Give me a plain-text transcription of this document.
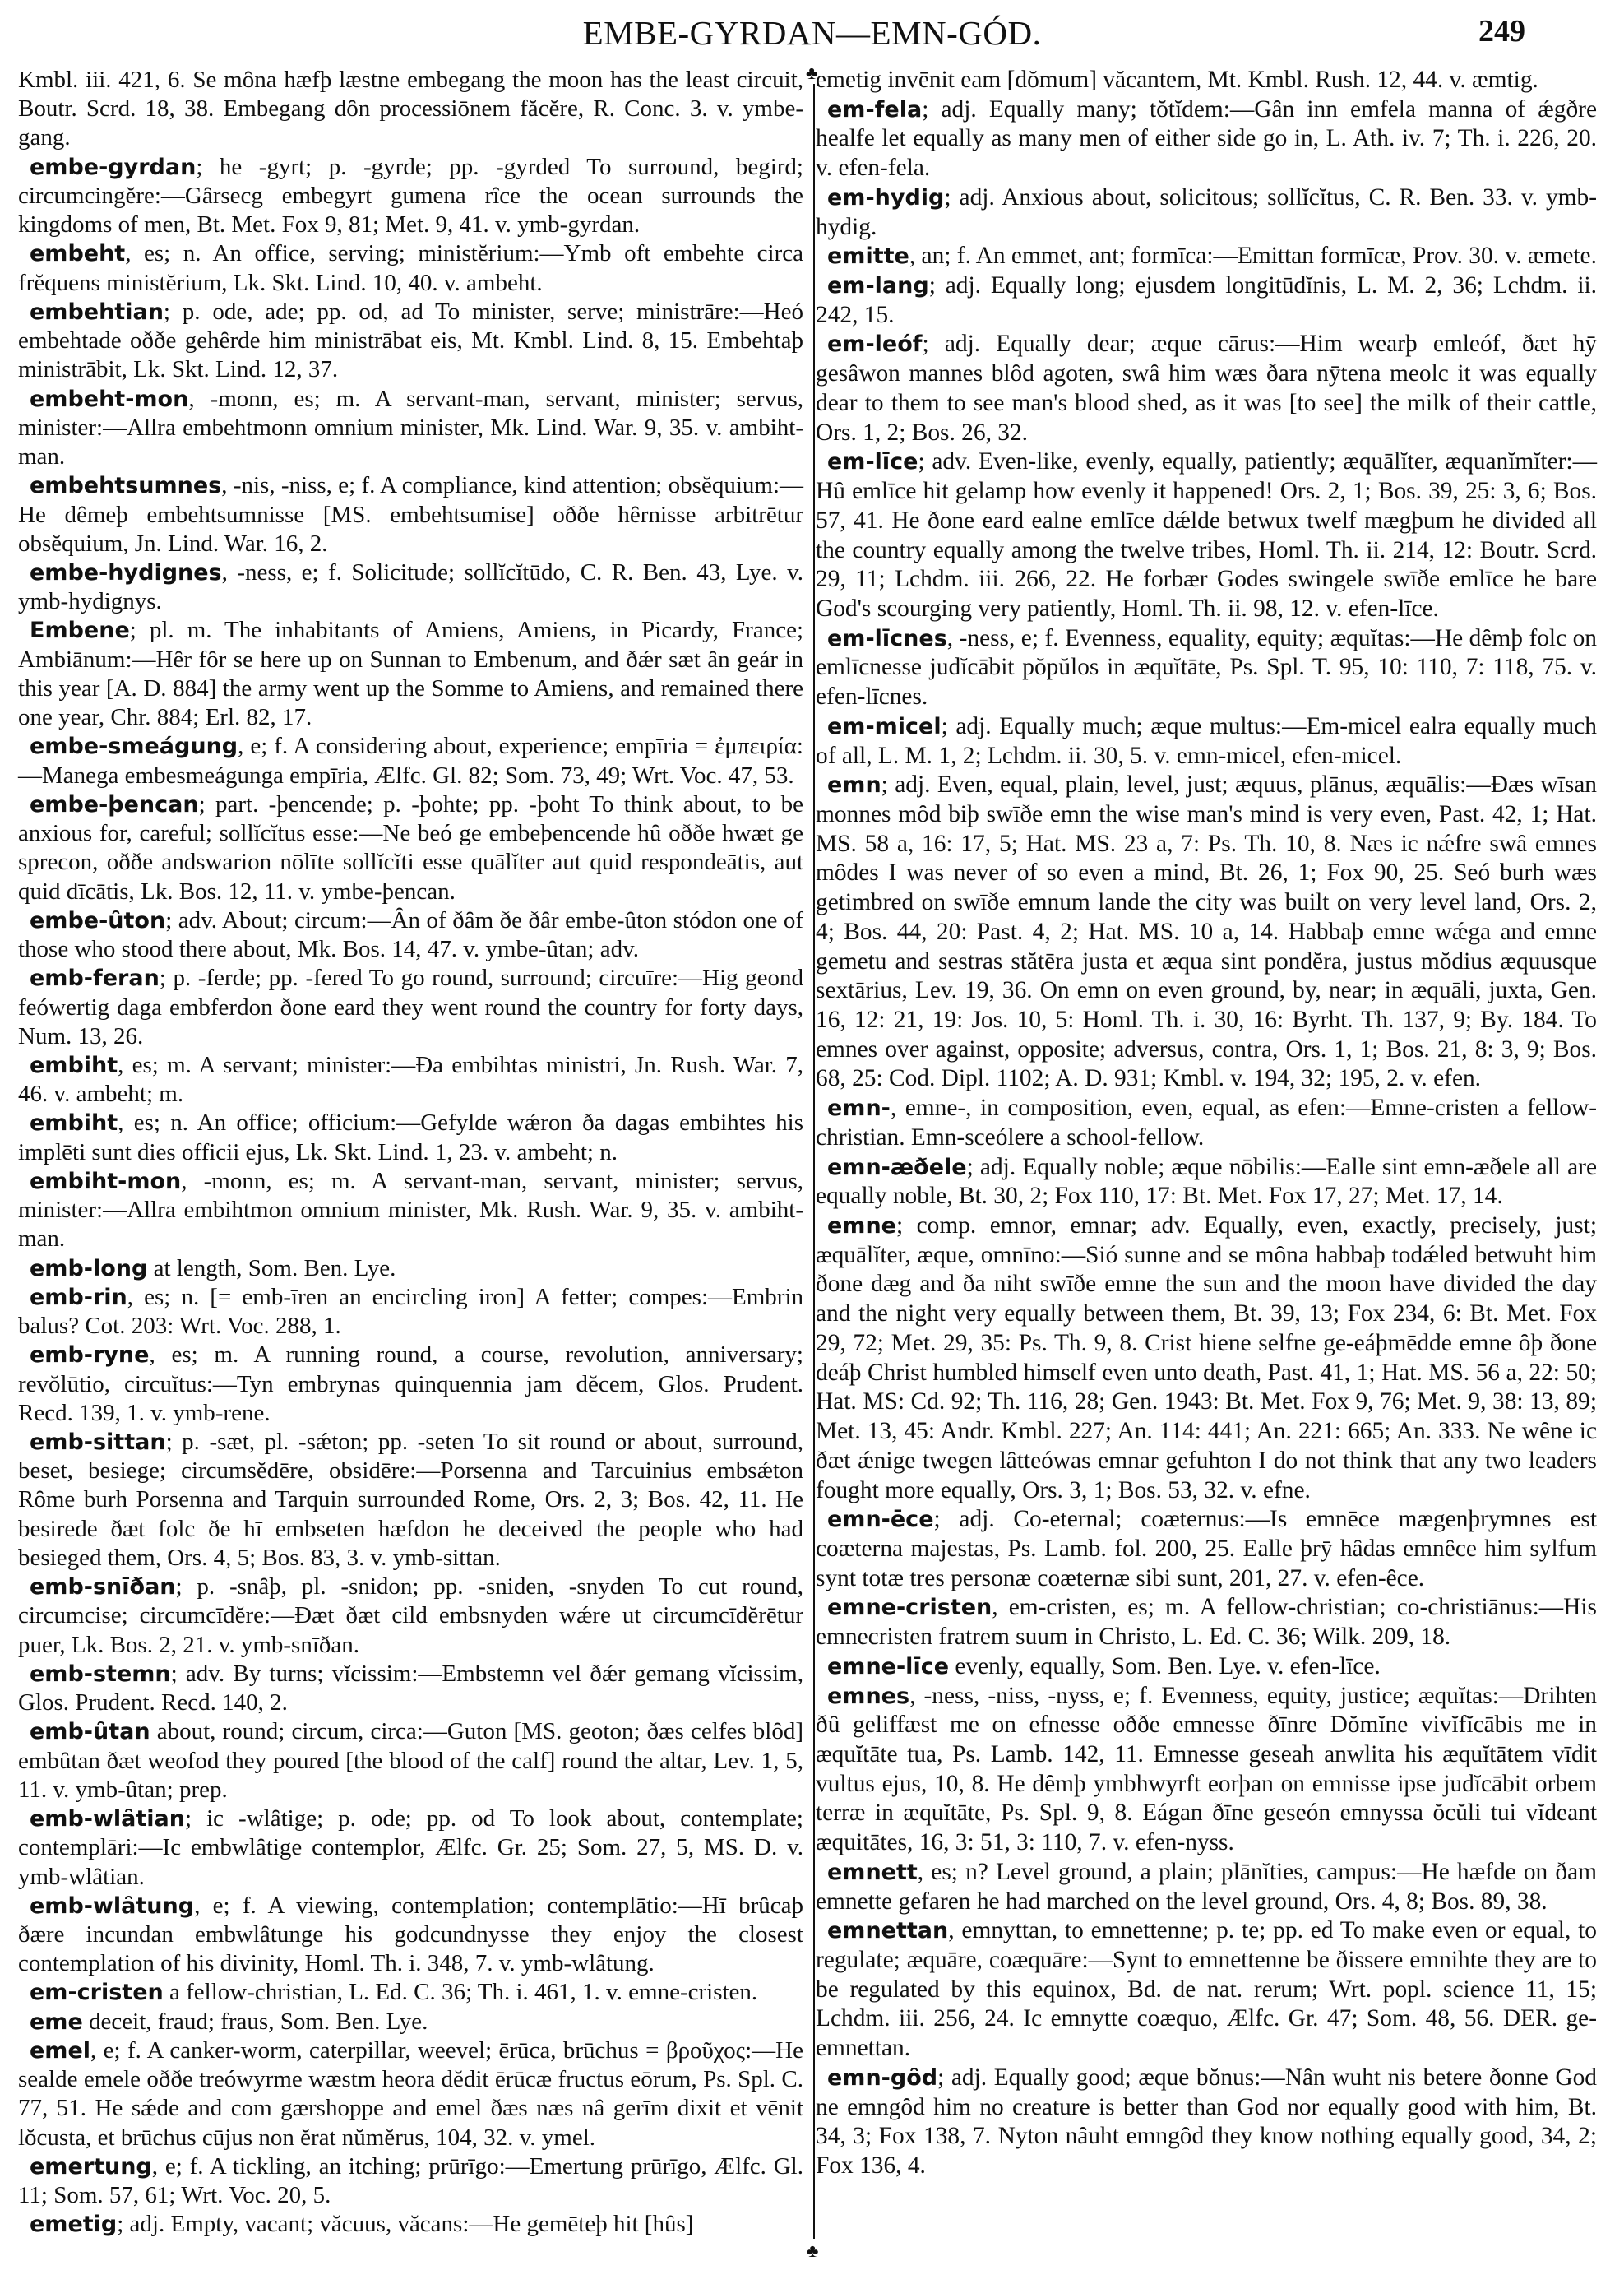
EMBE-GYRDAN—EMN-GÓD.	249
♣
♣

Kmbl. iii. 421, 6. Se mȏna hæfþ læstne embegang the moon has the least circuit, Boutr. Scrd. 18, 38. Embegang dȏn processiōnem făcĕre, R. Conc. 3. v. ymbe-gang.

embe-gyrdan; he -gyrt; p. -gyrde; pp. -gyrded To surround, begird; circumcingĕre:—Gȃrsecg embegyrt gumena rȋce the ocean surrounds the kingdoms of men, Bt. Met. Fox 9, 81; Met. 9, 41. v. ymb-gyrdan.

embeht, es; n. An office, serving; ministĕrium:—Ymb oft embehte circa frĕquens ministĕrium, Lk. Skt. Lind. 10, 40. v. ambeht.

embehtian; p. ode, ade; pp. od, ad To minister, serve; ministrāre:—Heó embehtade oððe gehȇrde him ministrābat eis, Mt. Kmbl. Lind. 8, 15. Embehtaþ ministrābit, Lk. Skt. Lind. 12, 37.

embeht-mon, -monn, es; m. A servant-man, servant, minister; servus, minister:—Allra embehtmonn omnium minister, Mk. Lind. War. 9, 35. v. ambiht-man.

embehtsumnes, -nis, -niss, e; f. A compliance, kind attention; obsĕquium:—He dȇmeþ embehtsumnisse [MS. embehtsumise] oððe hȇrnisse arbitrētur obsĕquium, Jn. Lind. War. 16, 2.

embe-hydignes, -ness, e; f. Solicitude; sollĭcĭtūdo, C. R. Ben. 43, Lye. v. ymb-hydignys.

Embene; pl. m. The inhabitants of Amiens, Amiens, in Picardy, France; Ambiānum:—Hȇr fȏr se here up on Sunnan to Embenum, and ðǽr sæt ȃn geár in this year [A. D. 884] the army went up the Somme to Amiens, and remained there one year, Chr. 884; Erl. 82, 17.

embe-smeágung, e; f. A considering about, experience; empīria = ἐμπειρία:—Manega embesmeágunga empīria, Ælfc. Gl. 82; Som. 73, 49; Wrt. Voc. 47, 53.

embe-þencan; part. -þencende; p. -þohte; pp. -þoht To think about, to be anxious for, careful; sollĭcĭtus esse:—Ne beó ge embeþencende hȗ oððe hwæt ge sprecon, oððe andswarion nōlīte sollĭcĭti esse quālĭter aut quid respondeātis, aut quid dīcātis, Lk. Bos. 12, 11. v. ymbe-þencan.

embe-ȗton; adv. About; circum:—Ȃn of ðȃm ðe ðȃr embe-ȗton stódon one of those who stood there about, Mk. Bos. 14, 47. v. ymbe-ȗtan; adv.

emb-feran; p. -ferde; pp. -fered To go round, surround; circuīre:—Hig geond feówertig daga embferdon ðone eard they went round the country for forty days, Num. 13, 26.

embiht, es; m. A servant; minister:—Ða embihtas ministri, Jn. Rush. War. 7, 46. v. ambeht; m.

embiht, es; n. An office; officium:—Gefylde wǽron ða dagas embihtes his implēti sunt dies officii ejus, Lk. Skt. Lind. 1, 23. v. ambeht; n.

embiht-mon, -monn, es; m. A servant-man, servant, minister; servus, minister:—Allra embihtmon omnium minister, Mk. Rush. War. 9, 35. v. ambiht-man.

emb-long at length, Som. Ben. Lye.

emb-rin, es; n. [= emb-īren an encircling iron] A fetter; compes:—Embrin balus? Cot. 203: Wrt. Voc. 288, 1.

emb-ryne, es; m. A running round, a course, revolution, anniversary; revŏlūtio, circuĭtus:—Tyn embrynas quinquennia jam dĕcem, Glos. Prudent. Recd. 139, 1. v. ymb-rene.

emb-sittan; p. -sæt, pl. -sǽton; pp. -seten To sit round or about, surround, beset, besiege; circumsĕdēre, obsidēre:—Porsenna and Tarcuinius embsǽton Rȏme burh Porsenna and Tarquin surrounded Rome, Ors. 2, 3; Bos. 42, 11. He besirede ðæt folc ðe hī embseten hæfdon he deceived the people who had besieged them, Ors. 4, 5; Bos. 83, 3. v. ymb-sittan.

emb-snīðan; p. -snȃþ, pl. -snidon; pp. -sniden, -snyden To cut round, circumcise; circumcīdĕre:—Ðæt ðæt cild embsnyden wǽre ut circumcīdĕrētur puer, Lk. Bos. 2, 21. v. ymb-snīðan.

emb-stemn; adv. By turns; vĭcissim:—Embstemn vel ðǽr gemang vĭcissim, Glos. Prudent. Recd. 140, 2.

emb-ȗtan about, round; circum, circa:—Guton [MS. geoton; ðæs celfes blȏd] embȗtan ðæt weofod they poured [the blood of the calf] round the altar, Lev. 1, 5, 11. v. ymb-ȗtan; prep.

emb-wlȃtian; ic -wlȃtige; p. ode; pp. od To look about, contemplate; contemplāri:—Ic embwlȃtige contemplor, Ælfc. Gr. 25; Som. 27, 5, MS. D. v. ymb-wlȃtian.

emb-wlȃtung, e; f. A viewing, contemplation; contemplātio:—Hī brȗcaþ ðære incundan embwlȃtunge his godcundnysse they enjoy the closest contemplation of his divinity, Homl. Th. i. 348, 7. v. ymb-wlȃtung.

em-cristen a fellow-christian, L. Ed. C. 36; Th. i. 461, 1. v. emne-cristen.

eme deceit, fraud; fraus, Som. Ben. Lye.

emel, e; f. A canker-worm, caterpillar, weevel; ērūca, brūchus = βροῦχος:—He sealde emele oððe treówyrme wæstm heora dĕdit ērūcæ fructus eōrum, Ps. Spl. C. 77, 51. He sǽde and com gærshoppe and emel ðæs næs nȃ gerīm dixit et vēnit lŏcusta, et brūchus cūjus non ĕrat nŭmĕrus, 104, 32. v. ymel.

emertung, e; f. A tickling, an itching; prūrīgo:—Emertung prūrīgo, Ælfc. Gl. 11; Som. 57, 61; Wrt. Voc. 20, 5.

emetig; adj. Empty, vacant; văcuus, văcans:—He gemēteþ hit [hȗs]

emetig invēnit eam [dŏmum] văcantem, Mt. Kmbl. Rush. 12, 44. v. æmtig.

em-fela; adj. Equally many; tŏtĭdem:—Gȃn inn emfela manna of ǽgðre healfe let equally as many men of either side go in, L. Ath. iv. 7; Th. i. 226, 20. v. efen-fela.

em-hydig; adj. Anxious about, solicitous; sollĭcĭtus, C. R. Ben. 33. v. ymb-hydig.

emitte, an; f. An emmet, ant; formīca:—Emittan formīcæ, Prov. 30. v. æmete.

em-lang; adj. Equally long; ejusdem longitūdĭnis, L. M. 2, 36; Lchdm. ii. 242, 15.

em-leóf; adj. Equally dear; æque cārus:—Him wearþ emleóf, ðæt hȳ gesȃwon mannes blȏd agoten, swȃ him wæs ðara nȳtena meolc it was equally dear to them to see man's blood shed, as it was [to see] the milk of their cattle, Ors. 1, 2; Bos. 26, 32.

em-līce; adv. Even-like, evenly, equally, patiently; æquālĭter, æquanĭmĭter:—Hȗ emlīce hit gelamp how evenly it happened! Ors. 2, 1; Bos. 39, 25: 3, 6; Bos. 57, 41. He ðone eard ealne emlīce dǽlde betwux twelf mægþum he divided all the country equally among the twelve tribes, Homl. Th. ii. 214, 12: Boutr. Scrd. 29, 11; Lchdm. iii. 266, 22. He forbær Godes swingele swīðe emlīce he bare God's scourging very patiently, Homl. Th. ii. 98, 12. v. efen-līce.

em-līcnes, -ness, e; f. Evenness, equality, equity; æquĭtas:—He dȇmþ folc on emlīcnesse judĭcābit pŏpŭlos in æquĭtāte, Ps. Spl. T. 95, 10: 110, 7: 118, 75. v. efen-līcnes.

em-micel; adj. Equally much; æque multus:—Em-micel ealra equally much of all, L. M. 1, 2; Lchdm. ii. 30, 5. v. emn-micel, efen-micel.

emn; adj. Even, equal, plain, level, just; æquus, plānus, æquālis:—Ðæs wīsan monnes mȏd biþ swīðe emn the wise man's mind is very even, Past. 42, 1; Hat. MS. 58 a, 16: 17, 5; Hat. MS. 23 a, 7: Ps. Th. 10, 8. Næs ic nǽfre swȃ emnes mȏdes I was never of so even a mind, Bt. 26, 1; Fox 90, 25. Seó burh wæs getimbred on swīðe emnum lande the city was built on very level land, Ors. 2, 4; Bos. 44, 20: Past. 4, 2; Hat. MS. 10 a, 14. Habbaþ emne wǽga and emne gemetu and sestras stătēra justa et æqua sint pondĕra, justus mŏdius æquusque sextārius, Lev. 19, 36. On emn on even ground, by, near; in æquāli, juxta, Gen. 16, 12: 21, 19: Jos. 10, 5: Homl. Th. i. 30, 16: Byrht. Th. 137, 9; By. 184. To emnes over against, opposite; adversus, contra, Ors. 1, 1; Bos. 21, 8: 3, 9; Bos. 68, 25: Cod. Dipl. 1102; A. D. 931; Kmbl. v. 194, 32; 195, 2. v. efen.

emn-, emne-, in composition, even, equal, as efen:—Emne-cristen a fellow-christian. Emn-sceólere a school-fellow.

emn-æðele; adj. Equally noble; æque nōbilis:—Ealle sint emn-æðele all are equally noble, Bt. 30, 2; Fox 110, 17: Bt. Met. Fox 17, 27; Met. 17, 14.

emne; comp. emnor, emnar; adv. Equally, even, exactly, precisely, just; æquālĭter, æque, omnīno:—Sió sunne and se mȏna habbaþ todǽled betwuht him ðone dæg and ða niht swīðe emne the sun and the moon have divided the day and the night very equally between them, Bt. 39, 13; Fox 234, 6: Bt. Met. Fox 29, 72; Met. 29, 35: Ps. Th. 9, 8. Crist hiene selfne ge-eáþmēdde emne ȏþ ðone deáþ Christ humbled himself even unto death, Past. 41, 1; Hat. MS. 56 a, 22: 50; Hat. MS: Cd. 92; Th. 116, 28; Gen. 1943: Bt. Met. Fox 9, 76; Met. 9, 38: 13, 89; Met. 13, 45: Andr. Kmbl. 227; An. 114: 441; An. 221: 665; An. 333. Ne wȇne ic ðæt ǽnige twegen lȃtteówas emnar gefuhton I do not think that any two leaders fought more equally, Ors. 3, 1; Bos. 53, 32. v. efne.

emn-ēce; adj. Co-eternal; coæternus:—Is emnēce mægenþrymnes est coæterna majestas, Ps. Lamb. fol. 200, 25. Ealle þrȳ hȃdas emnȇce him sylfum synt totæ tres personæ coæternæ sibi sunt, 201, 27. v. efen-ȇce.

emne-cristen, em-cristen, es; m. A fellow-christian; co-christiānus:—His emnecristen fratrem suum in Christo, L. Ed. C. 36; Wilk. 209, 18.

emne-līce evenly, equally, Som. Ben. Lye. v. efen-līce.

emnes, -ness, -niss, -nyss, e; f. Evenness, equity, justice; æquĭtas:—Drihten ðȗ geliffæst me on efnesse oððe emnesse ðīnre Dŏmĭne vivĭfĭcābis me in æquĭtāte tua, Ps. Lamb. 142, 11. Emnesse geseah anwlita his æquĭtātem vīdit vultus ejus, 10, 8. He dȇmþ ymbhwyrft eorþan on emnisse ipse judĭcābit orbem terræ in æquĭtāte, Ps. Spl. 9, 8. Eágan ðīne geseón emnyssa ŏcŭli tui vĭdeant æquitātes, 16, 3: 51, 3: 110, 7. v. efen-nyss.

emnett, es; n? Level ground, a plain; plānĭties, campus:—He hæfde on ðam emnette gefaren he had marched on the level ground, Ors. 4, 8; Bos. 89, 38.

emnettan, emnyttan, to emnettenne; p. te; pp. ed To make even or equal, to regulate; æquāre, coæquāre:—Synt to emnettenne be ðissere emnihte they are to be regulated by this equinox, Bd. de nat. rerum; Wrt. popl. science 11, 15; Lchdm. iii. 256, 24. Ic emnytte coæquo, Ælfc. Gr. 47; Som. 48, 56. DER. ge-emnettan.

emn-gȏd; adj. Equally good; æque bŏnus:—Nȃn wuht nis betere ðonne God ne emngȏd him no creature is better than God nor equally good with him, Bt. 34, 3; Fox 138, 7. Nyton nȃuht emngȏd they know nothing equally good, 34, 2; Fox 136, 4.
